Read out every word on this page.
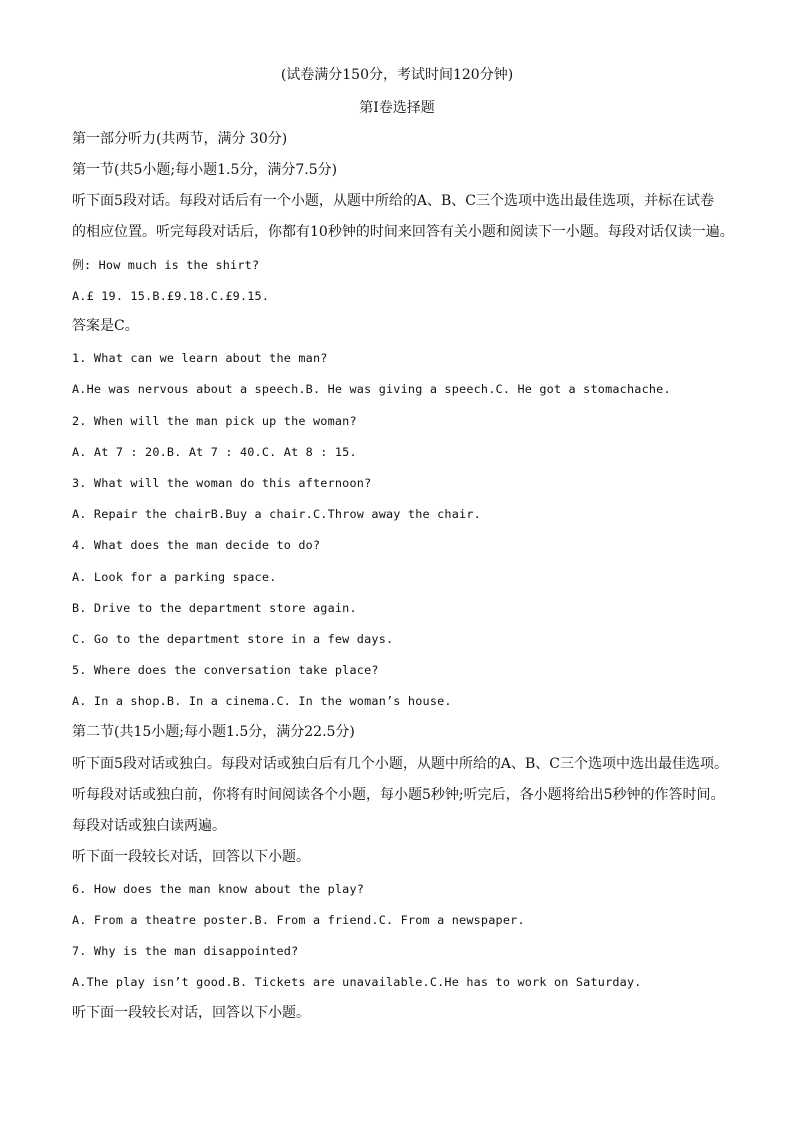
(试卷满分150分，考试时间120分钟)
第Ⅰ卷选择题
第一部分听力(共两节，满分 30分)
第一节(共5小题;每小题1.5分，满分7.5分)
听下面5段对话。每段对话后有一个小题，从题中所给的A、B、C三个选项中选出最佳选项，并标在试卷
的相应位置。听完每段对话后，你都有10秒钟的时间来回答有关小题和阅读下一小题。每段对话仅读一遍。
例: How much is the shirt?
A.£ 19. 15.B.£9.18.C.£9.15.
答案是C。
1. What can we learn about the man?
A.He was nervous about a speech.B. He was giving a speech.C. He got a stomachache.
2. When will the man pick up the woman?
A. At 7 : 20.B. At 7 : 40.C. At 8 : 15.
3. What will the woman do this afternoon?
A. Repair the chairB.Buy a chair.C.Throw away the chair.
4. What does the man decide to do?
A. Look for a parking space.
B. Drive to the department store again.
C. Go to the department store in a few days.
5. Where does the conversation take place?
A. In a shop.B. In a cinema.C. In the woman’s house.
第二节(共15小题;每小题1.5分，满分22.5分)
听下面5段对话或独白。每段对话或独白后有几个小题，从题中所给的A、B、C三个选项中选出最佳选项。
听每段对话或独白前，你将有时间阅读各个小题，每小题5秒钟;听完后，各小题将给出5秒钟的作答时间。
每段对话或独白读两遍。
听下面一段较长对话，回答以下小题。
6. How does the man know about the play?
A. From a theatre poster.B. From a friend.C. From a newspaper.
7. Why is the man disappointed?
A.The play isn’t good.B. Tickets are unavailable.C.He has to work on Saturday.
听下面一段较长对话，回答以下小题。
